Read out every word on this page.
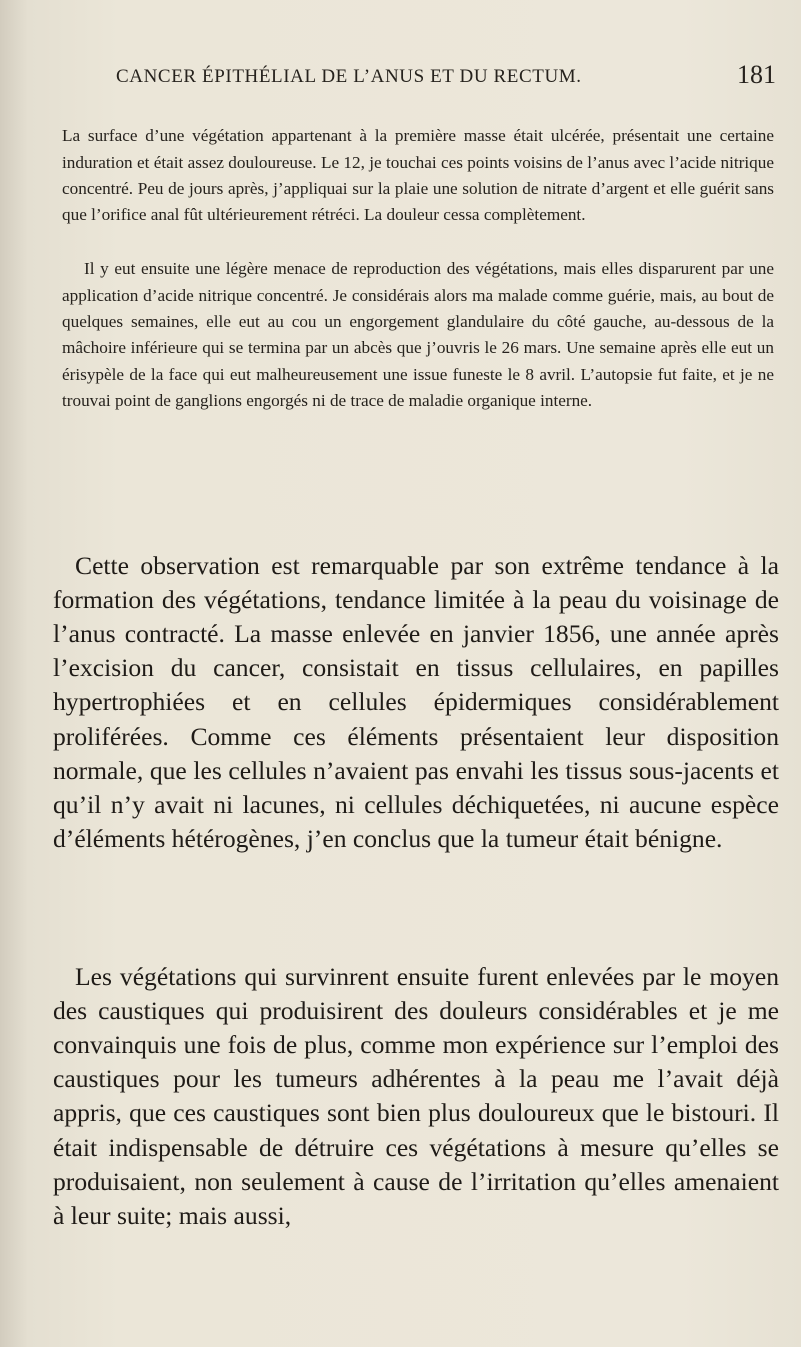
CANCER ÉPITHÉLIAL DE L’ANUS ET DU RECTUM.	181

La surface d’une végétation appartenant à la première masse était ulcérée, présentait une certaine induration et était assez douloureuse. Le 12, je touchai ces points voisins de l’anus avec l’acide nitrique concentré. Peu de jours après, j’appliquai sur la plaie une solution de nitrate d’argent et elle guérit sans que l’orifice anal fût ultérieurement rétréci. La douleur cessa complètement.

Il y eut ensuite une légère menace de reproduction des végétations, mais elles disparurent par une application d’acide nitrique concentré. Je considérais alors ma malade comme guérie, mais, au bout de quelques semaines, elle eut au cou un engorgement glandulaire du côté gauche, au-dessous de la mâchoire inférieure qui se termina par un abcès que j’ouvris le 26 mars. Une semaine après elle eut un érisypèle de la face qui eut malheureusement une issue funeste le 8 avril. L’autopsie fut faite, et je ne trouvai point de ganglions engorgés ni de trace de maladie organique interne.

Cette observation est remarquable par son extrême tendance à la formation des végétations, tendance limitée à la peau du voisinage de l’anus contracté. La masse enlevée en janvier 1856, une année après l’excision du cancer, consistait en tissus cellulaires, en papilles hypertrophiées et en cellules épidermiques considérablement proliférées. Comme ces éléments présentaient leur disposition normale, que les cellules n’avaient pas envahi les tissus sous-jacents et qu’il n’y avait ni lacunes, ni cellules déchiquetées, ni aucune espèce d’éléments hétérogènes, j’en conclus que la tumeur était bénigne.

Les végétations qui survinrent ensuite furent enlevées par le moyen des caustiques qui produisirent des douleurs considérables et je me convainquis une fois de plus, comme mon expérience sur l’emploi des caustiques pour les tumeurs adhérentes à la peau me l’avait déjà appris, que ces caustiques sont bien plus douloureux que le bistouri. Il était indispensable de détruire ces végétations à mesure qu’elles se produisaient, non seulement à cause de l’irritation qu’elles amenaient à leur suite; mais aussi,
